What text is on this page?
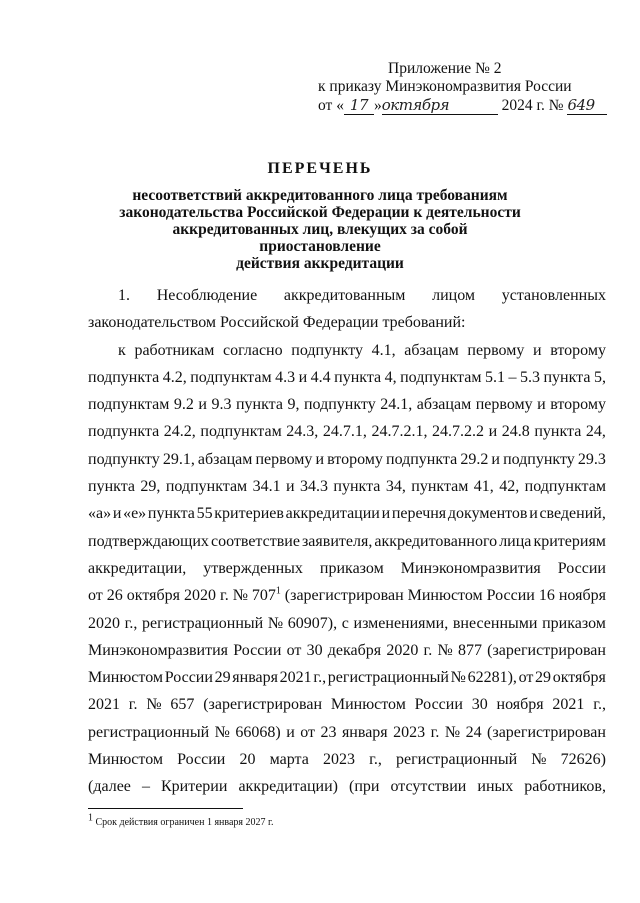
Приложение № 2
к приказу Минэкономразвития России
от « 17 »октября	2024 г. № 649
ПЕРЕЧЕНЬ
несоответствий аккредитованного лица требованиям
законодательства Российской Федерации к деятельности
аккредитованных лиц, влекущих за собой приостановление
действия аккредитации
1. Несоблюдение аккредитованным лицом установленных
законодательством Российской Федерации требований:
к работникам согласно подпункту 4.1, абзацам первому и второму
подпункта 4.2, подпунктам 4.3 и 4.4 пункта 4, подпунктам 5.1 – 5.3 пункта 5,
подпунктам 9.2 и 9.3 пункта 9, подпункту 24.1, абзацам первому и второму
подпункта 24.2, подпунктам 24.3, 24.7.1, 24.7.2.1, 24.7.2.2 и 24.8 пункта 24,
подпункту 29.1, абзацам первому и второму подпункта 29.2 и подпункту 29.3
пункта 29, подпунктам 34.1 и 34.3 пункта 34, пунктам 41, 42, подпунктам
«а» и «е» пункта 55 критериев аккредитации и перечня документов и сведений,
подтверждающих соответствие заявителя, аккредитованного лица критериям
аккредитации, утвержденных приказом Минэкономразвития России
от 26 октября 2020 г. № $707^1$ (зарегистрирован Минюстом России 16 ноября
2020 г., регистрационный № 60907), с изменениями, внесенными приказом
Минэкономразвития России от 30 декабря 2020 г. № 877 (зарегистрирован
Минюстом России 29 января 2021 г., регистрационный № 62281), от 29 октября
2021 г. № 657 (зарегистрирован Минюстом России 30 ноября 2021 г.,
регистрационный № 66068) и от 23 января 2023 г. № 24 (зарегистрирован
Минюстом России 20 марта 2023 г., регистрационный № 72626)
(далее – Критерии аккредитации) (при отсутствии иных работников,
$^1$ Срок действия ограничен 1 января 2027 г.
